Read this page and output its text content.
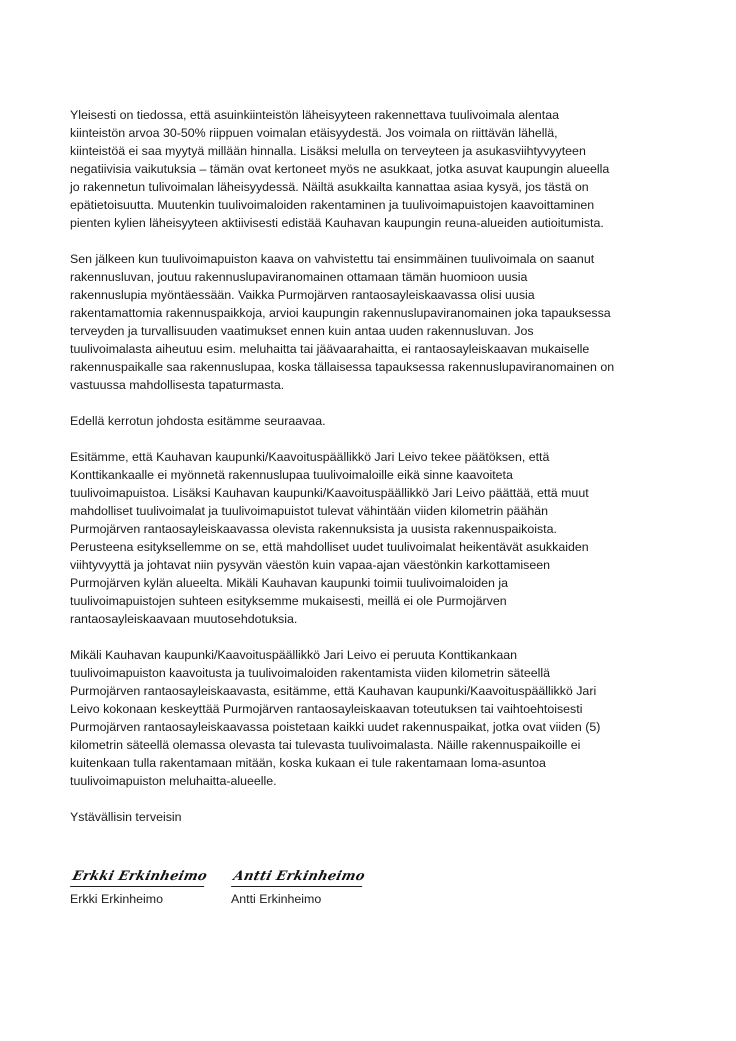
Yleisesti on tiedossa, että asuinkiinteistön läheisyyteen rakennettava tuulivoimala alentaa
kiinteistön arvoa 30-50% riippuen voimalan etäisyydestä. Jos voimala on riittävän lähellä,
kiinteistöä ei saa myytyä millään hinnalla. Lisäksi melulla on terveyteen ja asukasviihtyvyyteen
negatiivisia vaikutuksia – tämän ovat kertoneet myös ne asukkaat, jotka asuvat kaupungin alueella
jo rakennetun tulivoimalan läheisyydessä. Näiltä asukkailta kannattaa asiaa kysyä, jos tästä on
epätietoisuutta. Muutenkin tuulivoimaloiden rakentaminen ja tuulivoimapuistojen kaavoittaminen
pienten kylien läheisyyteen aktiivisesti edistää Kauhavan kaupungin reuna-alueiden autioitumista.

Sen jälkeen kun tuulivoimapuiston kaava on vahvistettu tai ensimmäinen tuulivoimala on saanut
rakennusluvan, joutuu rakennuslupaviranomainen ottamaan tämän huomioon uusia
rakennuslupia myöntäessään. Vaikka Purmojärven rantaosayleiskaavassa olisi uusia
rakentamattomia rakennuspaikkoja, arvioi kaupungin rakennuslupaviranomainen joka tapauksessa
terveyden ja turvallisuuden vaatimukset ennen kuin antaa uuden rakennusluvan. Jos
tuulivoimalasta aiheutuu esim. meluhaitta tai jäävaarahaitta, ei rantaosayleiskaavan mukaiselle
rakennuspaikalle saa rakennuslupaa, koska tällaisessa tapauksessa rakennuslupaviranomainen on
vastuussa mahdollisesta tapaturmasta.

Edellä kerrotun johdosta esitämme seuraavaa.

Esitämme, että Kauhavan kaupunki/Kaavoituspäällikkö Jari Leivo tekee päätöksen, että
Konttikankaalle ei myönnetä rakennuslupaa tuulivoimaloille eikä sinne kaavoiteta
tuulivoimapuistoa. Lisäksi Kauhavan kaupunki/Kaavoituspäällikkö Jari Leivo päättää, että muut
mahdolliset tuulivoimalat ja tuulivoimapuistot tulevat vähintään viiden kilometrin päähän
Purmojärven rantaosayleiskaavassa olevista rakennuksista ja uusista rakennuspaikoista.
Perusteena esityksellemme on se, että mahdolliset uudet tuulivoimalat heikentävät asukkaiden
viihtyvyyttä ja johtavat niin pysyvän väestön kuin vapaa-ajan väestönkin karkottamiseen
Purmojärven kylän alueelta. Mikäli Kauhavan kaupunki toimii tuulivoimaloiden ja
tuulivoimapuistojen suhteen esityksemme mukaisesti, meillä ei ole Purmojärven
rantaosayleiskaavaan muutosehdotuksia.

Mikäli Kauhavan kaupunki/Kaavoituspäällikkö Jari Leivo ei peruuta Konttikankaan
tuulivoimapuiston kaavoitusta ja tuulivoimaloiden rakentamista viiden kilometrin säteellä
Purmojärven rantaosayleiskaavasta, esitämme, että Kauhavan kaupunki/Kaavoituspäällikkö Jari
Leivo kokonaan keskeyttää Purmojärven rantaosayleiskaavan toteutuksen tai vaihtoehtoisesti
Purmojärven rantaosayleiskaavassa poistetaan kaikki uudet rakennuspaikat, jotka ovat viiden (5)
kilometrin säteellä olemassa olevasta tai tulevasta tuulivoimalasta. Näille rakennuspaikoille ei
kuitenkaan tulla rakentamaan mitään, koska kukaan ei tule rakentamaan loma-asuntoa
tuulivoimapuiston meluhaitta-alueelle.

Ystävällisin terveisin

Erkki Erkinheimo
Erkki Erkinheimo
Antti Erkinheimo
Antti Erkinheimo
